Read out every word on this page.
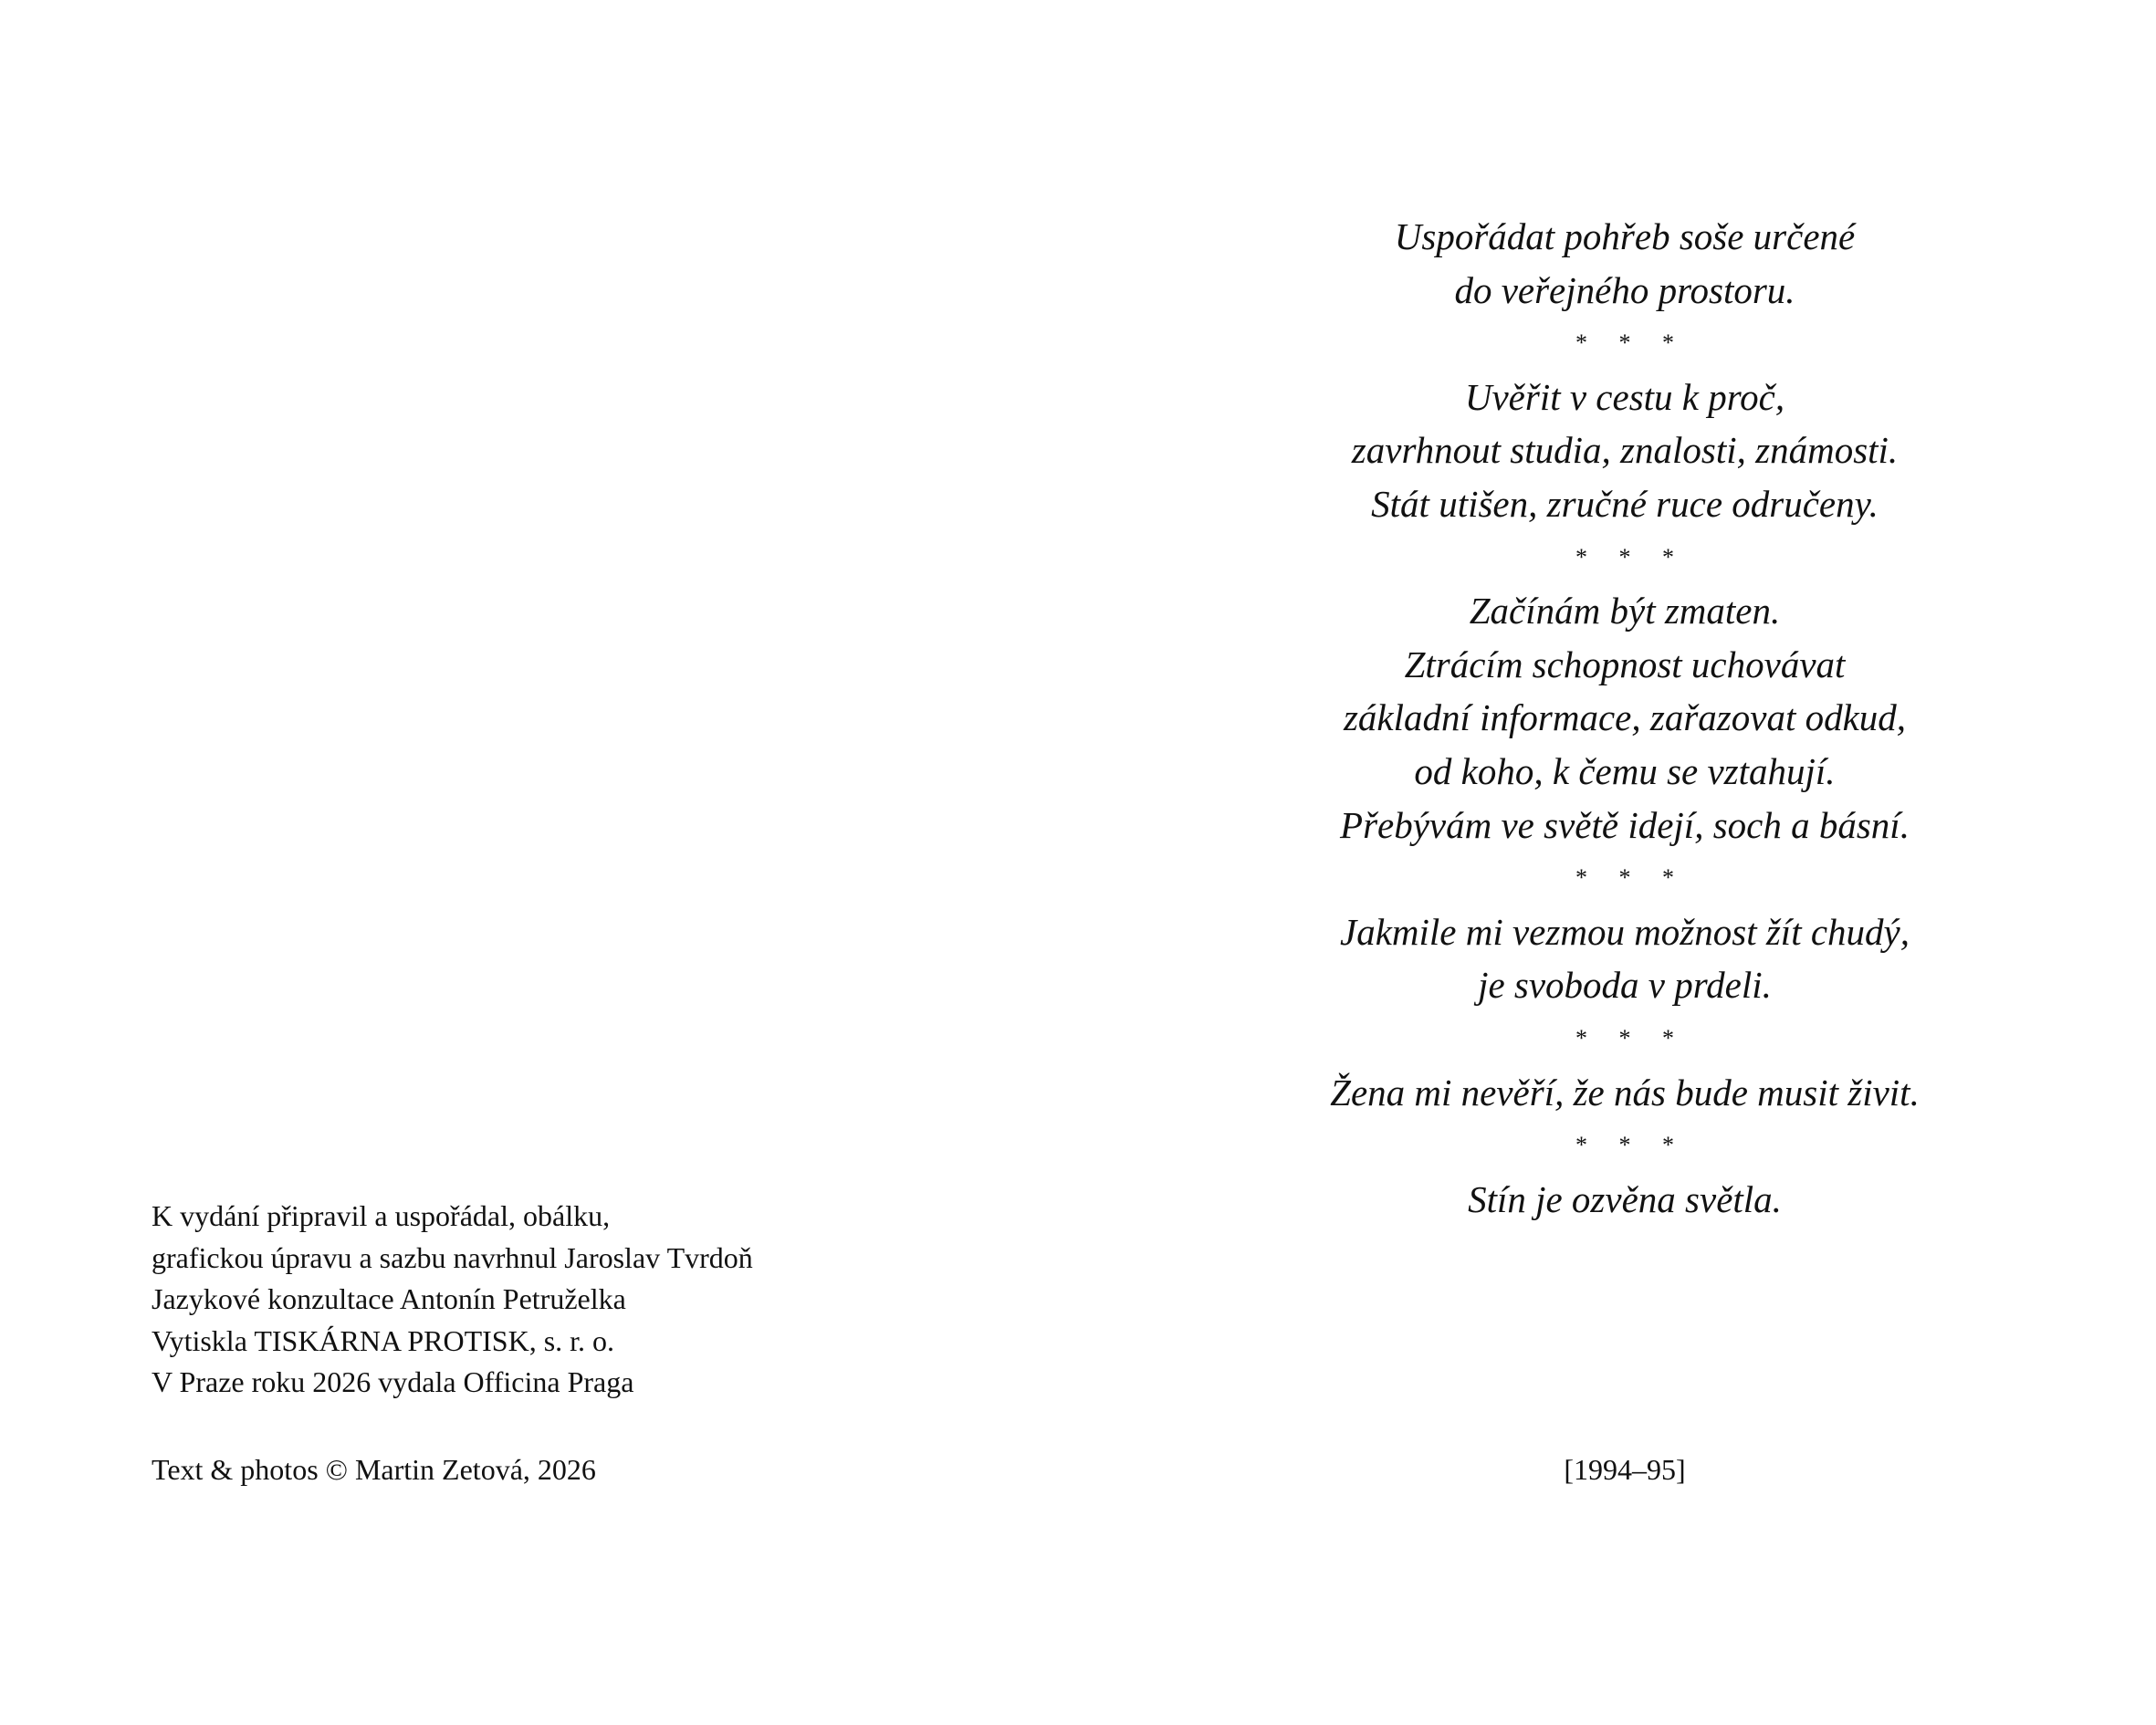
K vydání připravil a uspořádal, obálku,
grafickou úpravu a sazbu navrhnul Jaroslav Tvrdoň
Jazykové konzultace Antonín Petruželka
Vytiskla TISKÁRNA PROTISK, s. r. o.
V Praze roku 2026 vydala Officina Praga
Text & photos © Martin Zetová, 2026
Uspořádat pohřeb soše určené
do veřejného prostoru.
* * *
Uvěřit v cestu k proč,
zavrhnout studia, znalosti, známosti.
Stát utišen, zručné ruce odručeny.
* * *
Začínám být zmaten.
Ztrácím schopnost uchovávat
základní informace, zařazovat odkud,
od koho, k čemu se vztahují.
Přebývám ve světě idejí, soch a básní.
* * *
Jakmile mi vezmou možnost žít chudý,
je svoboda v prdeli.
* * *
Žena mi nevěří, že nás bude musit živit.
* * *
Stín je ozvěna světla.
[1994–95]
